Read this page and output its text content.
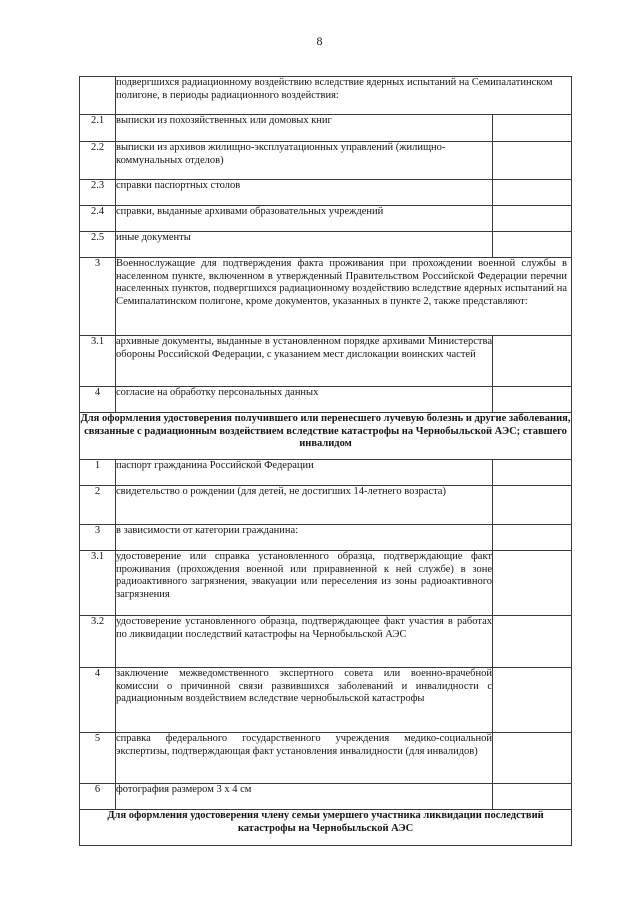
8
	подвергшихся радиационному воздействию вследствие ядерных испытаний на Семипалатинском полигоне, в периоды радиационного воздействия:	
2.1	выписки из похозяйственных или домовых книг	
2.2	выписки из архивов жилищно-эксплуатационных управлений (жилищно-коммунальных отделов)	
2.3	справки паспортных столов	
2.4	справки, выданные архивами образовательных учреждений	
2.5	иные документы	
3	Военнослужащие для подтверждения факта проживания при прохождении военной службы в населенном пункте, включенном в утвержденный Правительством Российской Федерации перечни населенных пунктов, подвергшихся радиационному воздействию вследствие ядерных испытаний на Семипалатинском полигоне, кроме документов, указанных в пункте 2, также представляют:	
3.1	архивные документы, выданные в установленном порядке архивами Министерства обороны Российской Федерации, с указанием мест дислокации воинских частей	
4	согласие на обработку персональных данных	
Для оформления удостоверения получившего или перенесшего лучевую болезнь и другие заболевания, связанные с радиационным воздействием вследствие катастрофы на Чернобыльской АЭС; ставшего инвалидом		
1	паспорт гражданина Российской Федерации	
2	свидетельство о рождении (для детей, не достигших 14-летнего возраста)	
3	в зависимости от категории гражданина:	
3.1	удостоверение или справка установленного образца, подтверждающие факт проживания (прохождения военной или приравненной к ней службе) в зоне радиоактивного загрязнения, эвакуации или переселения из зоны радиоактивного загрязнения	
3.2	удостоверение установленного образца, подтверждающее факт участия в работах по ликвидации последствий катастрофы на Чернобыльской АЭС	
4	заключение межведомственного экспертного совета или военно-врачебной комиссии о причинной связи развившихся заболеваний и инвалидности с радиационным воздействием вследствие чернобыльской катастрофы	
5	справка федерального государственного учреждения медико-социальной экспертизы, подтверждающая факт установления инвалидности (для инвалидов)	
6	фотография размером 3 х 4 см	
Для оформления удостоверения члену семьи умершего участника ликвидации последствий катастрофы на Чернобыльской АЭС		
